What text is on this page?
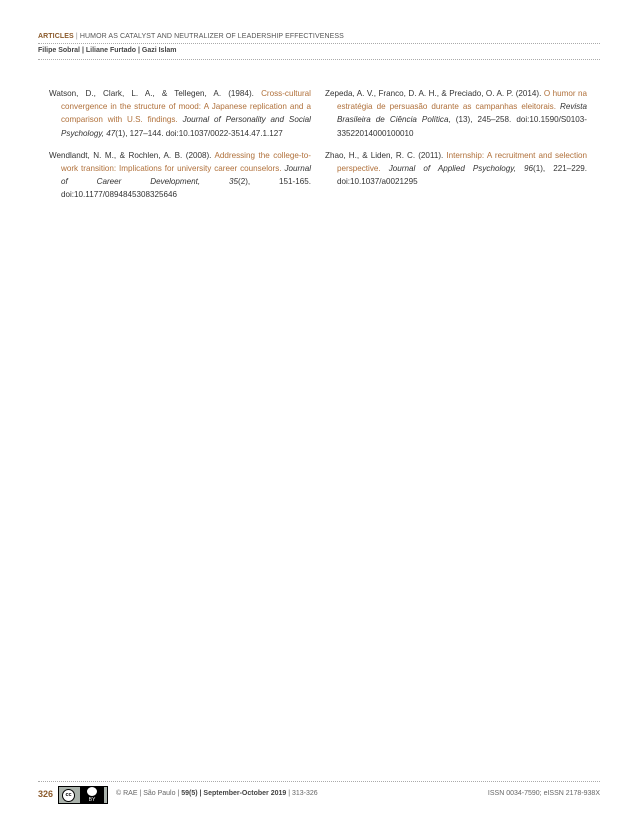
ARTICLES | HUMOR AS CATALYST AND NEUTRALIZER OF LEADERSHIP EFFECTIVENESS
Filipe Sobral | Liliane Furtado | Gazi Islam

Watson, D., Clark, L. A., & Tellegen, A. (1984). Cross-cultural convergence in the structure of mood: A Japanese replication and a comparison with U.S. findings. Journal of Personality and Social Psychology, 47(1), 127–144. doi:10.1037/0022-3514.47.1.127

Wendlandt, N. M., & Rochlen, A. B. (2008). Addressing the college-to-work transition: Implications for university career counselors. Journal of Career Development, 35(2), 151-165. doi:10.1177/0894845308325646

Zepeda, A. V., Franco, D. A. H., & Preciado, O. A. P. (2014). O humor na estratégia de persuasão durante as campanhas eleitorais. Revista Brasileira de Ciência Política, (13), 245–258. doi:10.1590/S0103-33522014000100010

Zhao, H., & Liden, R. C. (2011). Internship: A recruitment and selection perspective. Journal of Applied Psychology, 96(1), 221–229. doi:10.1037/a0021295

326	cc
BY
© RAE | São Paulo | 59(5) | September-October 2019 | 313-326	ISSN 0034-7590; eISSN 2178-938X
